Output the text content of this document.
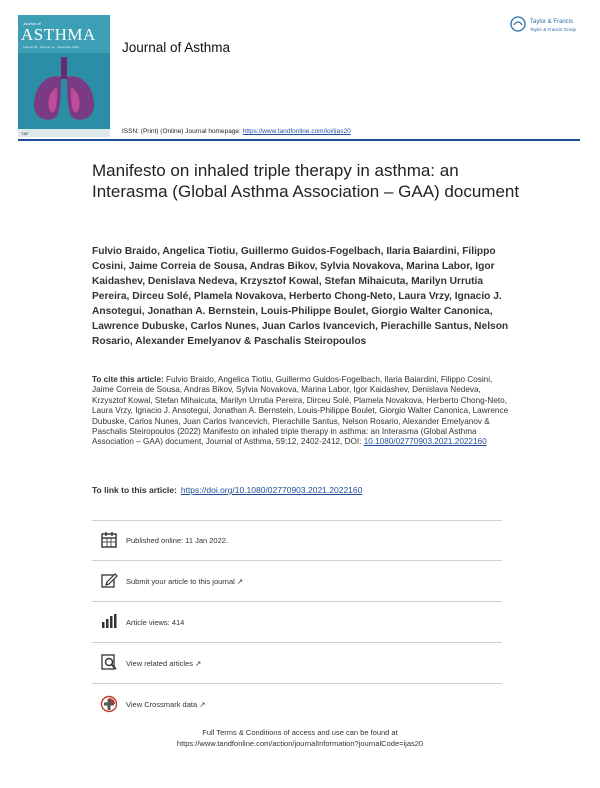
Journal of
ASTHMA
Volume 59 · Number 12 · December 2022
T&F
Journal of Asthma
Taylor & Francis
Taylor & Francis Group
ISSN: (Print) (Online) Journal homepage: https://www.tandfonline.com/loi/ijas20
Manifesto on inhaled triple therapy in asthma: an Interasma (Global Asthma Association – GAA) document
Fulvio Braido, Angelica Tiotiu, Guillermo Guidos-Fogelbach, Ilaria Baiardini, Filippo Cosini, Jaime Correia de Sousa, Andras Bikov, Sylvia Novakova, Marina Labor, Igor Kaidashev, Denislava Nedeva, Krzysztof Kowal, Stefan Mihaicuta, Marilyn Urrutia Pereira, Dirceu Solé, Plamela Novakova, Herberto Chong-Neto, Laura Vrzy, Ignacio J. Ansotegui, Jonathan A. Bernstein, Louis-Philippe Boulet, Giorgio Walter Canonica, Lawrence Dubuske, Carlos Nunes, Juan Carlos Ivancevich, Pierachille Santus, Nelson Rosario, Alexander Emelyanov & Paschalis Steiropoulos
To cite this article: Fulvio Braido, Angelica Tiotiu, Guillermo Guidos-Fogelbach, Ilaria Baiardini, Filippo Cosini, Jaime Correia de Sousa, Andras Bikov, Sylvia Novakova, Marina Labor, Igor Kaidashev, Denislava Nedeva, Krzysztof Kowal, Stefan Mihaicuta, Marilyn Urrutia Pereira, Dirceu Solé, Plamela Novakova, Herberto Chong-Neto, Laura Vrzy, Ignacio J. Ansotegui, Jonathan A. Bernstein, Louis-Philippe Boulet, Giorgio Walter Canonica, Lawrence Dubuske, Carlos Nunes, Juan Carlos Ivancevich, Pierachille Santus, Nelson Rosario, Alexander Emelyanov & Paschalis Steiropoulos (2022) Manifesto on inhaled triple therapy in asthma: an Interasma (Global Asthma Association – GAA) document, Journal of Asthma, 59:12, 2402-2412, DOI: 10.1080/02770903.2021.2022160
To link to this article: https://doi.org/10.1080/02770903.2021.2022160
Published online: 11 Jan 2022.
Submit your article to this journal ↗
Article views: 414
View related articles ↗
View Crossmark data ↗
Full Terms & Conditions of access and use can be found at
https://www.tandfonline.com/action/journalInformation?journalCode=ijas20
